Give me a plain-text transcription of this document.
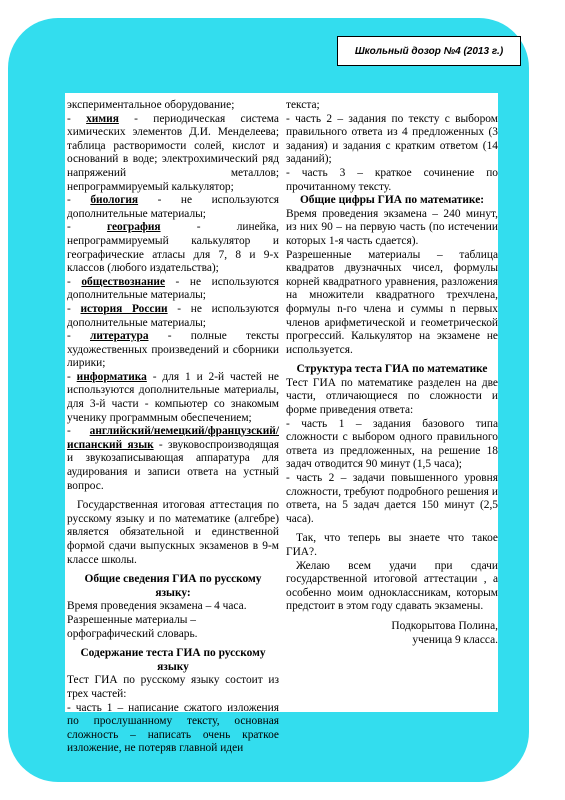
Школьный дозор №4 (2013 г.)

экспериментальное оборудование;

- химия - периодическая система химических элементов Д.И. Менделеева; таблица растворимости солей, кислот и оснований в воде; электрохимический ряд напряжений металлов; непрограммируемый калькулятор;

- биология - не используются дополнительные материалы;

- география - линейка, непрограммируемый калькулятор и географические атласы для 7, 8 и 9-х классов (любого издательства);

- обществознание - не используются дополнительные материалы;

- история России - не используются дополнительные материалы;

- литература - полные тексты художественных произведений и сборники лирики;

- информатика - для 1 и 2-й частей не используются дополнительные материалы, для 3-й части - компьютер со знакомым ученику программным обеспечением;

- английский/немецкий/французский/ испанский язык - звуковоспроизводящая и звукозаписывающая аппаратура для аудирования и записи ответа на устный вопрос.

Государственная итоговая аттестация по русскому языку и по математике (алгебре) является обязательной и единственной формой сдачи выпускных экзаменов в 9-м классе школы.

Общие сведения ГИА по русскому языку:

Время проведения экзамена – 4 часа.

Разрешенные материалы – орфографический словарь.

Содержание теста ГИА по русскому языку

Тест ГИА по русскому языку состоит из трех частей:

- часть 1 – написание сжатого изложения по прослушанному тексту, основная сложность – написать очень краткое изложение, не потеряв главной идеи

текста;

- часть 2 – задания по тексту с выбором правильного ответа из 4 предложенных (3 задания) и задания с кратким ответом (14 заданий);

- часть 3 – краткое сочинение по прочитанному тексту.

Общие цифры ГИА по математике:

Время проведения экзамена – 240 минут, из них 90 – на первую часть (по истечении которых 1-я часть сдается).

Разрешенные материалы – таблица квадратов двузначных чисел, формулы корней квадратного уравнения, разложения на множители квадратного трехчлена, формулы n-го члена и суммы n первых членов арифметической и геометрической прогрессий. Калькулятор на экзамене не используется.

Структура теста ГИА по математике

Тест ГИА по математике разделен на две части, отличающиеся по сложности и форме приведения ответа:

- часть 1 – задания базового типа сложности с выбором одного правильного ответа из предложенных, на решение 18 задач отводится 90 минут (1,5 часа);

- часть 2 – задачи повышенного уровня сложности, требуют подробного решения и ответа, на 5 задач дается 150 минут (2,5 часа).

Так, что теперь вы знаете что такое ГИА?.

Желаю всем удачи при сдачи государственной итоговой аттестации , а особенно моим одноклассникам, которым предстоит в этом году сдавать экзамены.

Подкорытова Полина,

ученица 9 класса.
